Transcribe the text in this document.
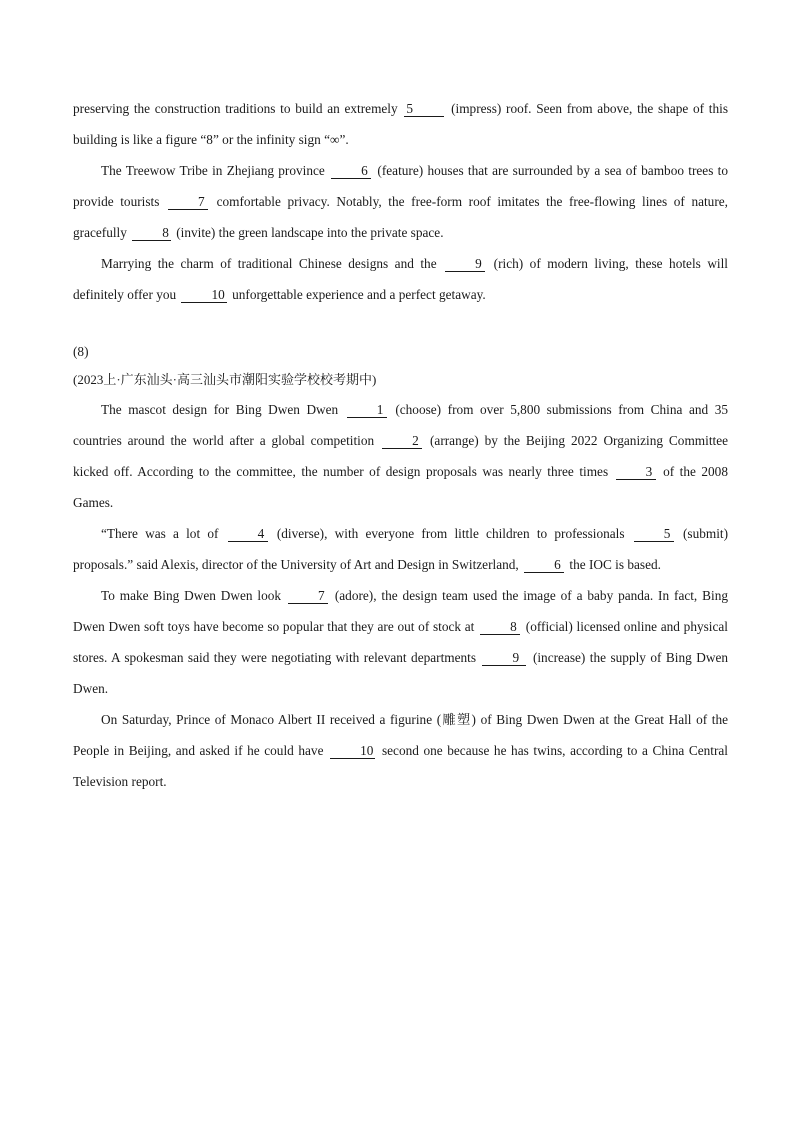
preserving the construction traditions to build an extremely 5	(impress) roof. Seen from above, the shape of this building is like a figure “8” or the infinity sign “∞”.

The Treewow Tribe in Zhejiang province	6 (feature) houses that are surrounded by a sea of bamboo trees to provide tourists	7 comfortable privacy. Notably, the free-form roof imitates the free-flowing lines of nature, gracefully	8 (invite) the green landscape into the private space.

Marrying the charm of traditional Chinese designs and the	9 (rich) of modern living, these hotels will definitely offer you	10 unforgettable experience and a perfect getaway.

(8)

(2023上·广东汕头·高三汕头市潮阳实验学校校考期中)

The mascot design for Bing Dwen Dwen	1 (choose) from over 5,800 submissions from China and 35 countries around the world after a global competition	2 (arrange) by the Beijing 2022 Organizing Committee kicked off. According to the committee, the number of design proposals was nearly three times	3 of the 2008 Games.

“There was a lot of	4 (diverse), with everyone from little children to professionals	5 (submit) proposals.” said Alexis, director of the University of Art and Design in Switzerland,	6 the IOC is based.

To make Bing Dwen Dwen look	7 (adore), the design team used the image of a baby panda. In fact, Bing Dwen Dwen soft toys have become so popular that they are out of stock at	8 (official) licensed online and physical stores. A spokesman said they were negotiating with relevant departments	9 (increase) the supply of Bing Dwen Dwen.

On Saturday, Prince of Monaco Albert II received a figurine (雕塑) of Bing Dwen Dwen at the Great Hall of the People in Beijing, and asked if he could have	10 second one because he has twins, according to a China Central Television report.
